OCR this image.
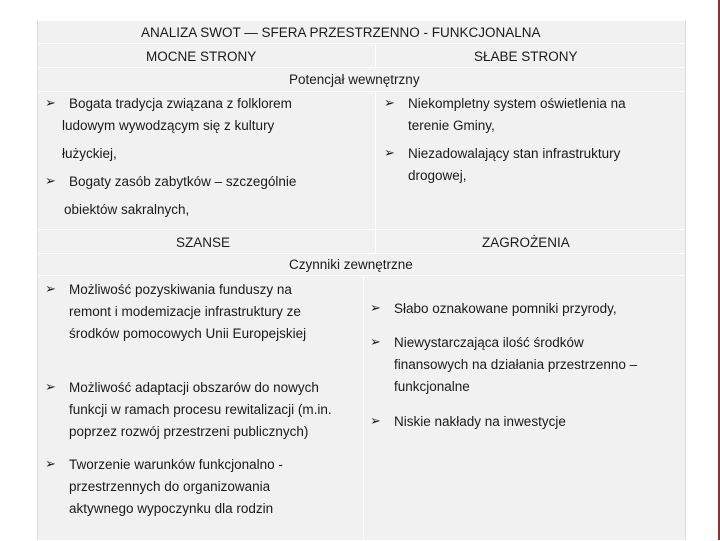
ANALIZA SWOT — SFERA PRZESTRZENNO - FUNKCJONALNA
MOCNE STRONY	SŁABE STRONY
Potencjał wewnętrzny
➢ Bogata tradycja związana z folklorem
ludowym wywodzącym się z kultury
łużyckiej,
➢ Bogaty zasób zabytków – szczególnie
obiektów sakralnych,
➢ Niekompletny system oświetlenia na
terenie Gminy,
➢ Niezadowalający stan infrastruktury
drogowej,
SZANSE	ZAGROŻENIA
Czynniki zewnętrzne
➢ Możliwość pozyskiwania funduszy na
remont i modemizacje infrastruktury ze
środków pomocowych Unii Europejskiej
➢ Możliwość adaptacji obszarów do nowych
funkcji w ramach procesu rewitalizacji (m.in.
poprzez rozwój przestrzeni publicznych)
➢ Tworzenie warunków funkcjonalno -
przestrzennych do organizowania
aktywnego wypoczynku dla rodzin
➢ Słabo oznakowane pomniki przyrody,
➢ Niewystarczająca ilość środków
finansowych na działania przestrzenno –
funkcjonalne
➢ Niskie nakłady na inwestycje
